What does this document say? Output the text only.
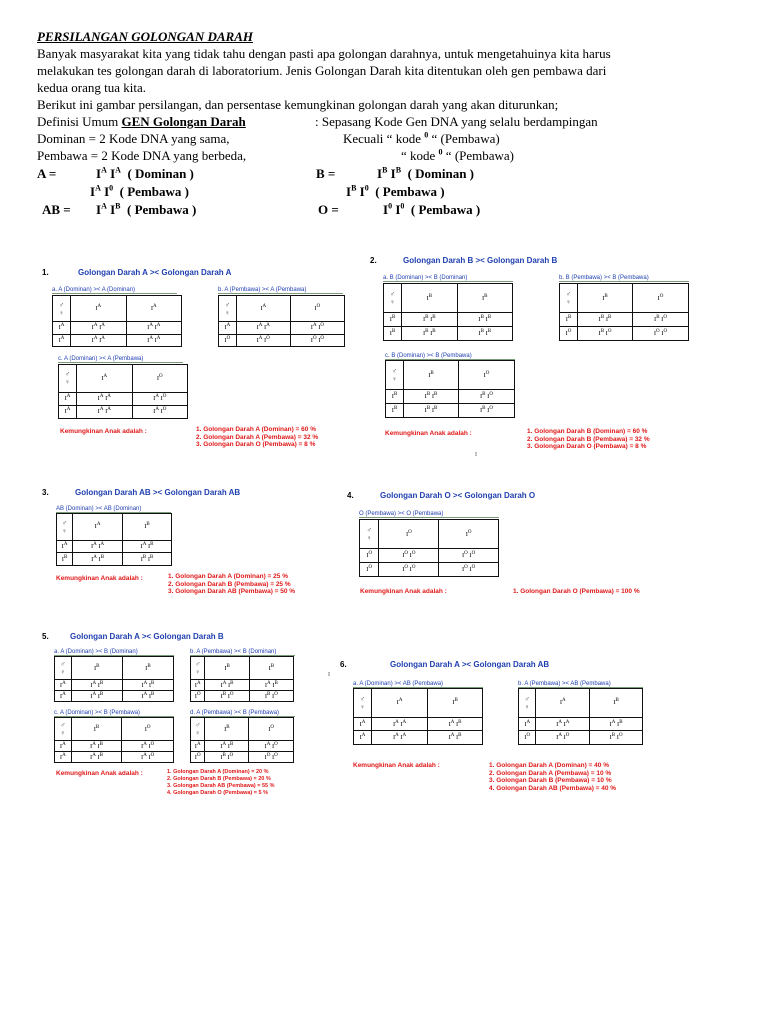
PERSILANGAN GOLONGAN DARAH
Banyak masyarakat kita yang tidak tahu dengan pasti apa golongan darahnya, untuk mengetahuinya kita harus
melakukan tes golongan darah di laboratorium. Jenis Golongan Darah kita ditentukan oleh gen pembawa dari
kedua orang tua kita.
Berikut ini gambar persilangan, dan persentase kemungkinan golongan darah yang akan diturunkan;
Definisi Umum GEN Golongan Darah	: Sepasang Kode Gen DNA yang selalu berdampingan
Dominan = 2 Kode DNA yang sama,	Kecuali “ kode $^0$ “ (Pembawa)
Pembawa = 2 Kode DNA yang berbeda,	“ kode $^0$ “ (Pembawa)
A =	$I^A$ $I^A$ ( Dominan )
$I^A$ $I^0$ ( Pembawa )
AB = $I^A$ $I^B$ ( Pembawa )
B =	$I^B$ $I^B$ ( Dominan )
$I^B$ $I^0$ ( Pembawa )
O =	$I^0$ $I^0$ ( Pembawa )
1.	Golongan Darah A >< Golongan Darah A
a. A (Dominan) >< A (Dominan)
♂
♀	$I^A$	$I^A$
$I^A$	$I^A$ $I^A$	$I^A$ $I^A$
$I^A$	$I^A$ $I^A$	$I^A$ $I^A$
b. A (Pembawa) >< A (Pembawa)
♂
♀	$I^A$	$I^O$
$I^A$	$I^A$ $I^A$	$I^A$ $I^O$
$I^O$	$I^A$ $I^O$	$I^O$ $I^O$
c. A (Dominan) >< A (Pembawa)
♂
♀	$I^A$	$I^O$
$I^A$	$I^A$ $I^A$	$I^A$ $I^O$
$I^A$	$I^A$ $I^A$	$I^A$ $I^O$
Kemungkinan Anak adalah :	1. Golongan Darah A (Dominan) = 60 %
2. Golongan Darah A (Pembawa) = 32 %
3. Golongan Darah O (Pembawa) = 8 %
2.	Golongan Darah B >< Golongan Darah B
a. B (Dominan) >< B (Dominan)
♂
♀	$I^B$	$I^B$
$I^B$	$I^B$ $I^B$	$I^B$ $I^B$
$I^B$	$I^B$ $I^B$	$I^B$ $I^B$
b. B (Pembawa) >< B (Pembawa)
♂
♀	$I^B$	$I^O$
$I^B$	$I^B$ $I^B$	$I^B$ $I^O$
$I^O$	$I^B$ $I^O$	$I^O$ $I^O$
c. B (Dominan) >< B (Pembawa)
♂
♀	$I^B$	$I^O$
$I^B$	$I^B$ $I^B$	$I^B$ $I^O$
$I^B$	$I^B$ $I^B$	$I^B$ $I^O$
Kemungkinan Anak adalah :	1. Golongan Darah B (Dominan) = 60 %
2. Golongan Darah B (Pembawa) = 32 %
3. Golongan Darah O (Pembawa) = 8 %
I
3.	Golongan Darah AB >< Golongan Darah AB
AB (Dominan) >< AB (Dominan)
♂
♀	$I^A$	$I^B$
$I^A$	$I^A$ $I^A$	$I^A$ $I^B$
$I^B$	$I^A$ $I^B$	$I^B$ $I^B$
Kemungkinan Anak adalah :	1. Golongan Darah A (Dominan) = 25 %
2. Golongan Darah B (Pembawa) = 25 %
3. Golongan Darah AB (Pembawa) = 50 %
4.	Golongan Darah O >< Golongan Darah O
O (Pembawa) >< O (Pembawa)
♂
♀	$I^O$	$I^O$
$I^O$	$I^O$ $I^O$	$I^O$ $I^O$
$I^O$	$I^O$ $I^O$	$I^O$ $I^O$
Kemungkinan Anak adalah :	1. Golongan Darah O (Pembawa) = 100 %
5.	Golongan Darah A >< Golongan Darah B
a. A (Dominan) >< B (Dominan)
♂
♀	$I^B$	$I^B$
$I^A$	$I^A$ $I^B$	$I^A$ $I^B$
$I^A$	$I^A$ $I^B$	$I^A$ $I^B$
b. A (Pembawa) >< B (Dominan)
♂
♀	$I^B$	$I^B$
$I^A$	$I^A$ $I^B$	$I^A$ $I^B$
$I^O$	$I^B$ $I^O$	$I^B$ $I^O$
c. A (Dominan) >< B (Pembawa)
♂
♀	$I^B$	$I^O$
$I^A$	$I^A$ $I^B$	$I^A$ $I^O$
$I^A$	$I^A$ $I^B$	$I^A$ $I^O$
d. A (Pembawa) >< B (Pembawa)
♂
♀	$I^B$	$I^O$
$I^A$	$I^A$ $I^B$	$I^A$ $I^O$
$I^O$	$I^B$ $I^O$	$I^O$ $I^O$
Kemungkinan Anak adalah :	1. Golongan Darah A (Dominan) = 20 %
2. Golongan Darah B (Pembawa) = 20 %
3. Golongan Darah AB (Pembawa) = 55 %
4. Golongan Darah O (Pembawa) = 5 %
6.	Golongan Darah A >< Golongan Darah AB
I
a. A (Dominan) >< AB (Pembawa)
♂
♀	$I^A$	$I^B$
$I^A$	$I^A$ $I^A$	$I^A$ $I^B$
$I^A$	$I^A$ $I^A$	$I^A$ $I^B$
b. A (Pembawa) >< AB (Pembawa)
♂
♀	$I^A$	$I^B$
$I^A$	$I^A$ $I^A$	$I^A$ $I^B$
$I^O$	$I^A$ $I^O$	$I^B$ $I^O$
Kemungkinan Anak adalah :	1. Golongan Darah A (Dominan) = 40 %
2. Golongan Darah A (Pembawa) = 10 %
3. Golongan Darah B (Pembawa) = 10 %
4. Golongan Darah AB (Pembawa) = 40 %
